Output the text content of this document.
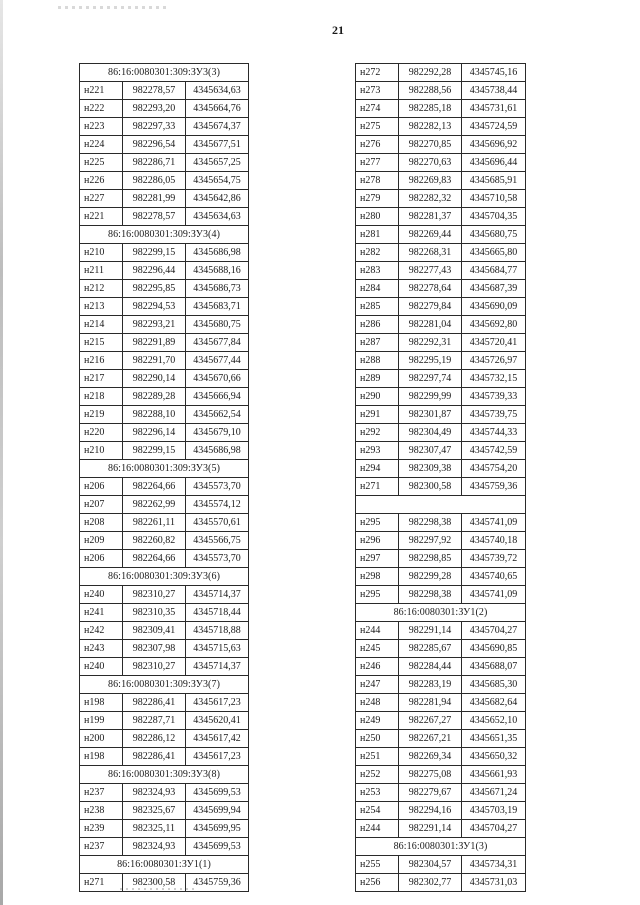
21
86:16:0080301:309:ЗУ3(3)		
н221	982278,57	4345634,63
н222	982293,20	4345664,76
н223	982297,33	4345674,37
н224	982296,54	4345677,51
н225	982286,71	4345657,25
н226	982286,05	4345654,75
н227	982281,99	4345642,86
н221	982278,57	4345634,63
86:16:0080301:309:ЗУ3(4)		
н210	982299,15	4345686,98
н211	982296,44	4345688,16
н212	982295,85	4345686,73
н213	982294,53	4345683,71
н214	982293,21	4345680,75
н215	982291,89	4345677,84
н216	982291,70	4345677,44
н217	982290,14	4345670,66
н218	982289,28	4345666,94
н219	982288,10	4345662,54
н220	982296,14	4345679,10
н210	982299,15	4345686,98
86:16:0080301:309:ЗУ3(5)		
н206	982264,66	4345573,70
н207	982262,99	4345574,12
н208	982261,11	4345570,61
н209	982260,82	4345566,75
н206	982264,66	4345573,70
86:16:0080301:309:ЗУ3(6)		
н240	982310,27	4345714,37
н241	982310,35	4345718,44
н242	982309,41	4345718,88
н243	982307,98	4345715,63
н240	982310,27	4345714,37
86:16:0080301:309:ЗУ3(7)		
н198	982286,41	4345617,23
н199	982287,71	4345620,41
н200	982286,12	4345617,42
н198	982286,41	4345617,23
86:16:0080301:309:ЗУ3(8)		
н237	982324,93	4345699,53
н238	982325,67	4345699,94
н239	982325,11	4345699,95
н237	982324,93	4345699,53
86:16:0080301:ЗУ1(1)		
н271	982300,58	4345759,36
н272	982292,28	4345745,16
н273	982288,56	4345738,44
н274	982285,18	4345731,61
н275	982282,13	4345724,59
н276	982270,85	4345696,92
н277	982270,63	4345696,44
н278	982269,83	4345685,91
н279	982282,32	4345710,58
н280	982281,37	4345704,35
н281	982269,44	4345680,75
н282	982268,31	4345665,80
н283	982277,43	4345684,77
н284	982278,64	4345687,39
н285	982279,84	4345690,09
н286	982281,04	4345692,80
н287	982292,31	4345720,41
н288	982295,19	4345726,97
н289	982297,74	4345732,15
н290	982299,99	4345739,33
н291	982301,87	4345739,75
н292	982304,49	4345744,33
н293	982307,47	4345742,59
н294	982309,38	4345754,20
н271	982300,58	4345759,36

н295	982298,38	4345741,09
н296	982297,92	4345740,18
н297	982298,85	4345739,72
н298	982299,28	4345740,65
н295	982298,38	4345741,09
86:16:0080301:ЗУ1(2)		
н244	982291,14	4345704,27
н245	982285,67	4345690,85
н246	982284,44	4345688,07
н247	982283,19	4345685,30
н248	982281,94	4345682,64
н249	982267,27	4345652,10
н250	982267,21	4345651,35
н251	982269,34	4345650,32
н252	982275,08	4345661,93
н253	982279,67	4345671,24
н254	982294,16	4345703,19
н244	982291,14	4345704,27
86:16:0080301:ЗУ1(3)		
н255	982304,57	4345734,31
н256	982302,77	4345731,03
